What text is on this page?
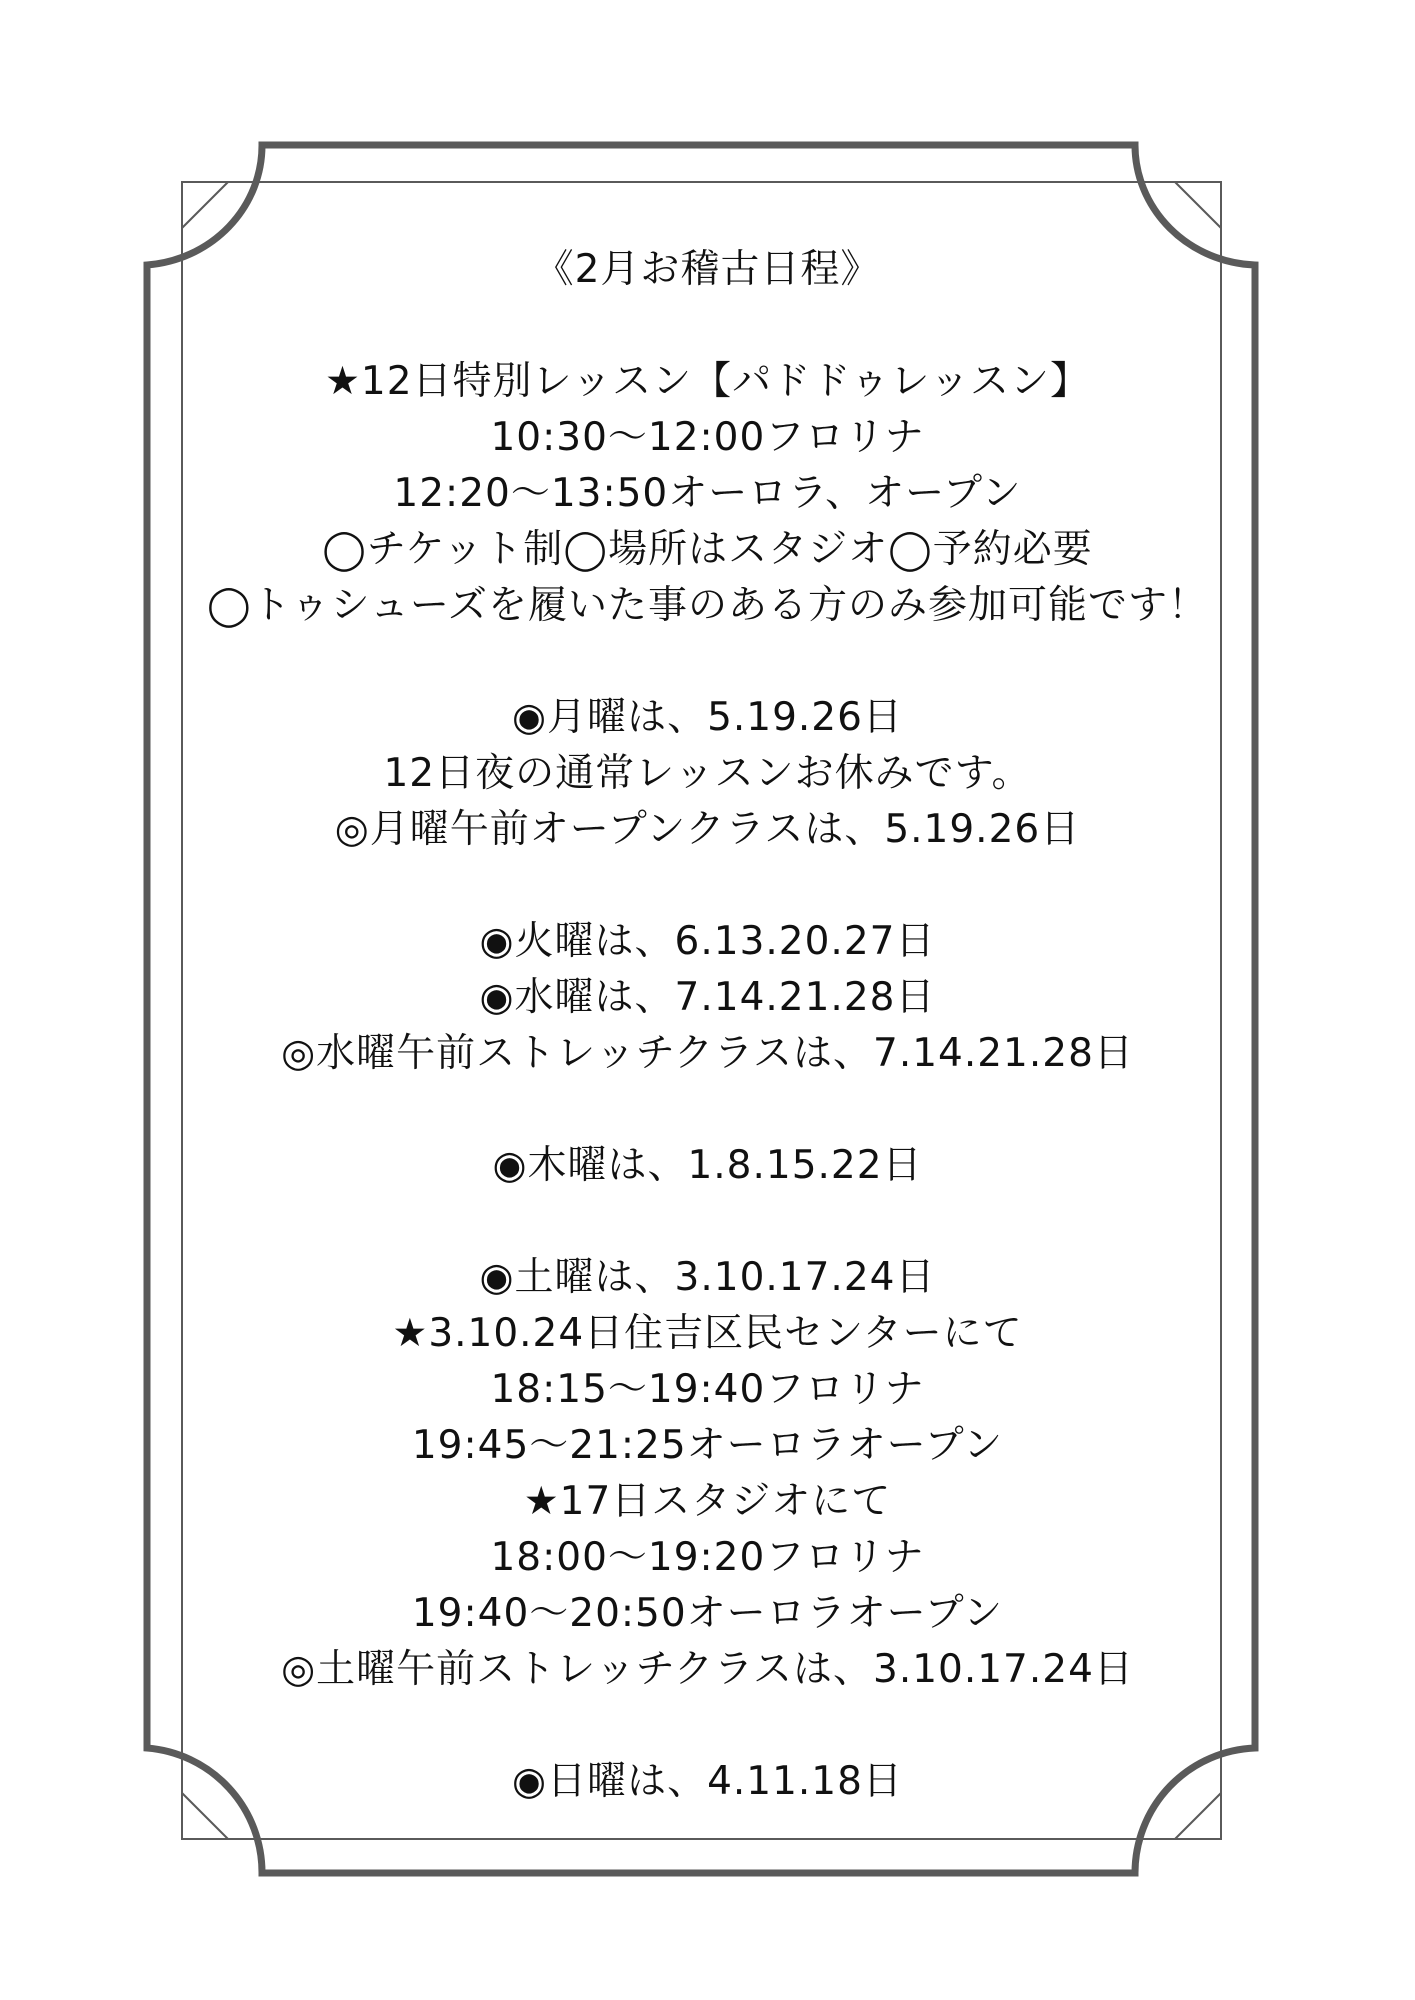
《2月お稽古日程》
★12日特別レッスン【パドドゥレッスン】
10:30〜12:00フロリナ
12:20〜13:50オーロラ、オープン
◯チケット制◯場所はスタジオ◯予約必要
◯トゥシューズを履いた事のある方のみ参加可能です！
◉月曜は、5.19.26日
12日夜の通常レッスンお休みです。
◎月曜午前オープンクラスは、5.19.26日
◉火曜は、6.13.20.27日
◉水曜は、7.14.21.28日
◎水曜午前ストレッチクラスは、7.14.21.28日
◉木曜は、1.8.15.22日
◉土曜は、3.10.17.24日
★3.10.24日住吉区民センターにて
18:15〜19:40フロリナ
19:45〜21:25オーロラオープン
★17日スタジオにて
18:00〜19:20フロリナ
19:40〜20:50オーロラオープン
◎土曜午前ストレッチクラスは、3.10.17.24日
◉日曜は、4.11.18日
